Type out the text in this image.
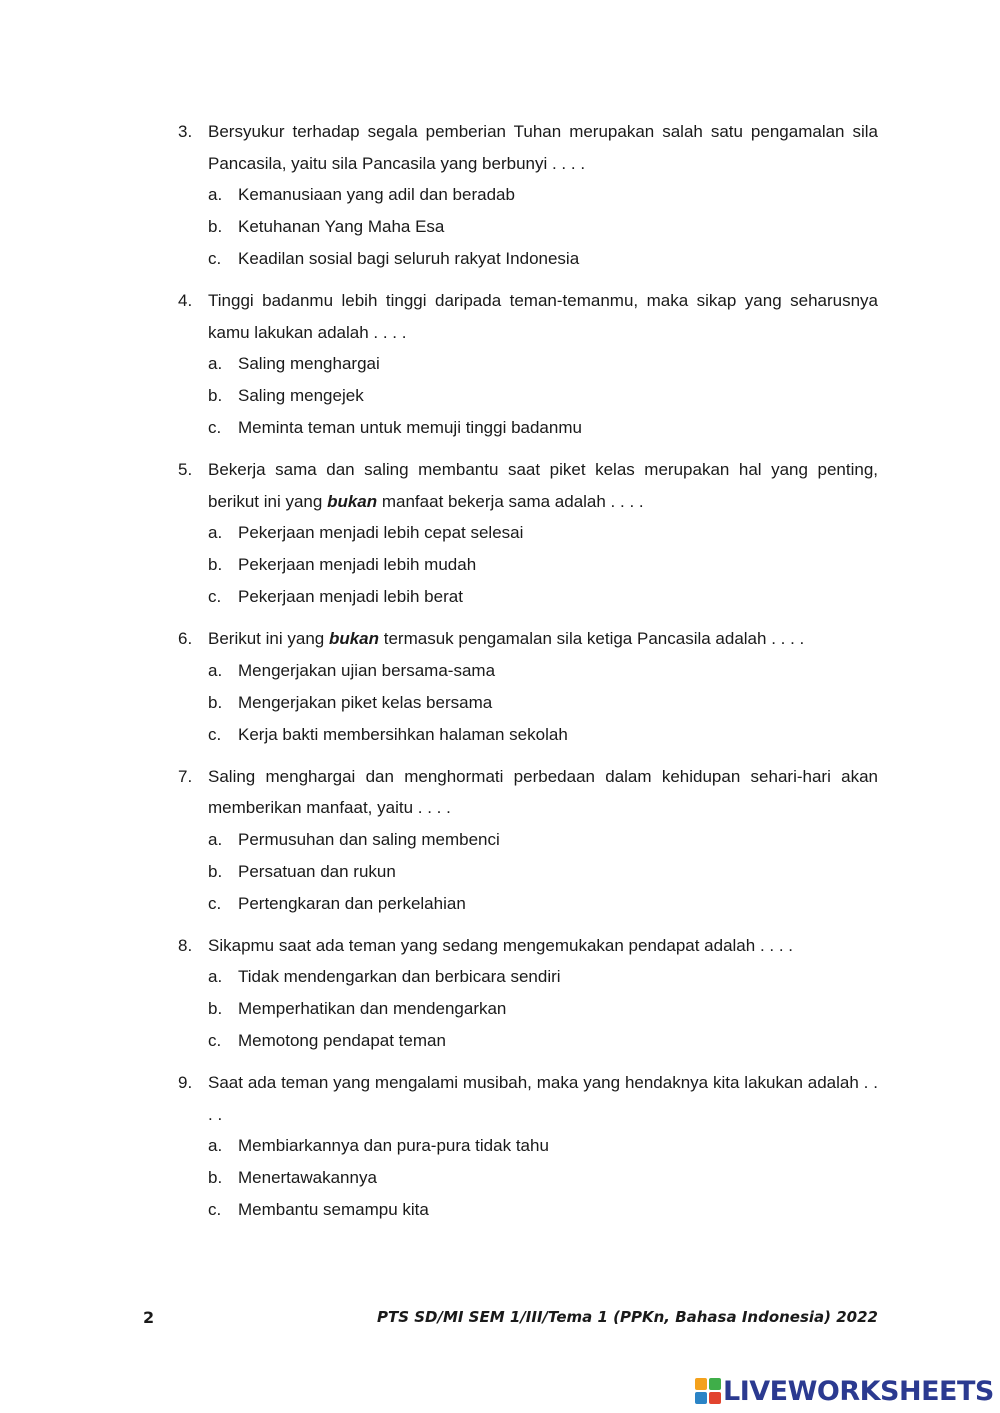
3. Bersyukur terhadap segala pemberian Tuhan merupakan salah satu pengamalan sila Pancasila, yaitu sila Pancasila yang berbunyi . . . .
a. Kemanusiaan yang adil dan beradab
b. Ketuhanan Yang Maha Esa
c. Keadilan sosial bagi seluruh rakyat Indonesia
4. Tinggi badanmu lebih tinggi daripada teman-temanmu, maka sikap yang seharusnya kamu lakukan adalah . . . .
a. Saling menghargai
b. Saling mengejek
c. Meminta teman untuk memuji tinggi badanmu
5. Bekerja sama dan saling membantu saat piket kelas merupakan hal yang penting, berikut ini yang bukan manfaat bekerja sama adalah . . . .
a. Pekerjaan menjadi lebih cepat selesai
b. Pekerjaan menjadi lebih mudah
c. Pekerjaan menjadi lebih berat
6. Berikut ini yang bukan termasuk pengamalan sila ketiga Pancasila adalah . . . .
a. Mengerjakan ujian bersama-sama
b. Mengerjakan piket kelas bersama
c. Kerja bakti membersihkan halaman sekolah
7. Saling menghargai dan menghormati perbedaan dalam kehidupan sehari-hari akan memberikan manfaat, yaitu . . . .
a. Permusuhan dan saling membenci
b. Persatuan dan rukun
c. Pertengkaran dan perkelahian
8. Sikapmu saat ada teman yang sedang mengemukakan pendapat adalah . . . .
a. Tidak mendengarkan dan berbicara sendiri
b. Memperhatikan dan mendengarkan
c. Memotong pendapat teman
9. Saat ada teman yang mengalami musibah, maka yang hendaknya kita lakukan adalah . . . .
a. Membiarkannya dan pura-pura tidak tahu
b. Menertawakannya
c. Membantu semampu kita
2	PTS SD/MI SEM 1/III/Tema 1 (PPKn, Bahasa Indonesia) 2022
LIVEWORKSHEETS
